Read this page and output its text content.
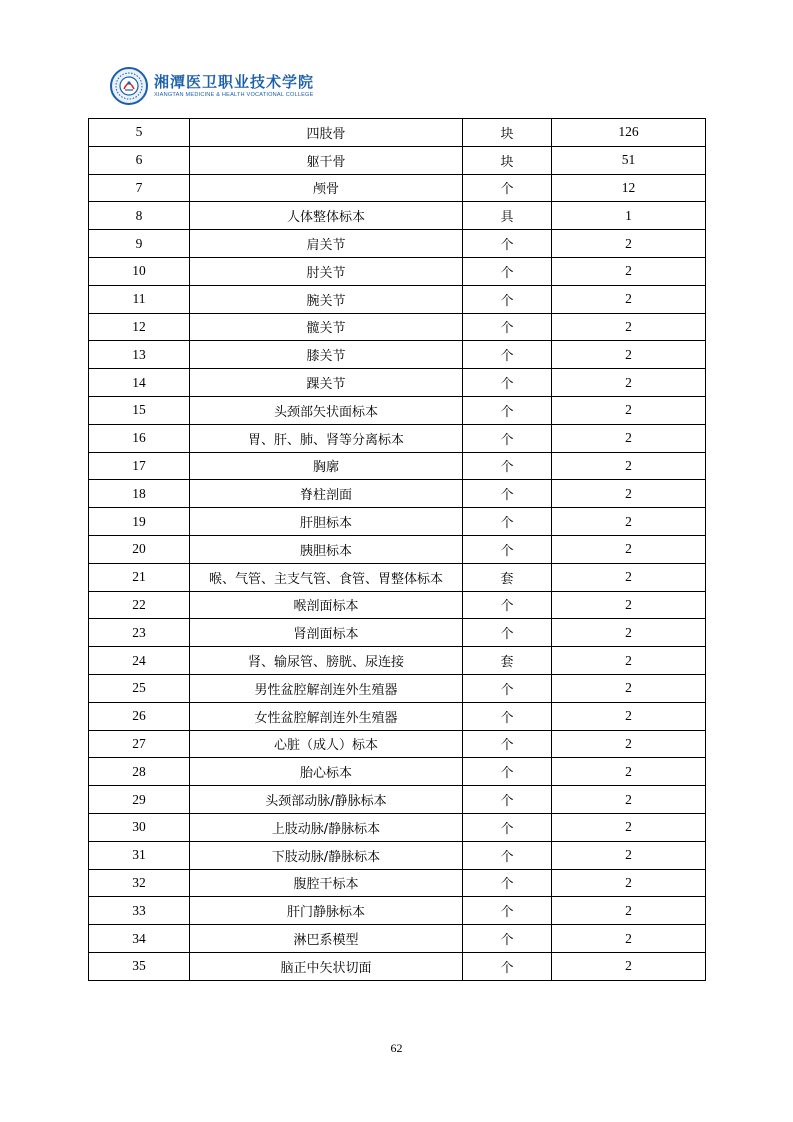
湘潭医卫职业技术学院
XIANGTAN MEDICINE & HEALTH VOCATIONAL COLLEGE
5	四肢骨	块	126
6	躯干骨	块	51
7	颅骨	个	12
8	人体整体标本	具	1
9	肩关节	个	2
10	肘关节	个	2
11	腕关节	个	2
12	髋关节	个	2
13	膝关节	个	2
14	踝关节	个	2
15	头颈部矢状面标本	个	2
16	胃、肝、肺、肾等分离标本	个	2
17	胸廓	个	2
18	脊柱剖面	个	2
19	肝胆标本	个	2
20	胰胆标本	个	2
21	喉、气管、主支气管、食管、胃整体标本	套	2
22	喉剖面标本	个	2
23	肾剖面标本	个	2
24	肾、输尿管、膀胱、尿连接	套	2
25	男性盆腔解剖连外生殖器	个	2
26	女性盆腔解剖连外生殖器	个	2
27	心脏（成人）标本	个	2
28	胎心标本	个	2
29	头颈部动脉/静脉标本	个	2
30	上肢动脉/静脉标本	个	2
31	下肢动脉/静脉标本	个	2
32	腹腔干标本	个	2
33	肝门静脉标本	个	2
34	淋巴系模型	个	2
35	脑正中矢状切面	个	2
62
